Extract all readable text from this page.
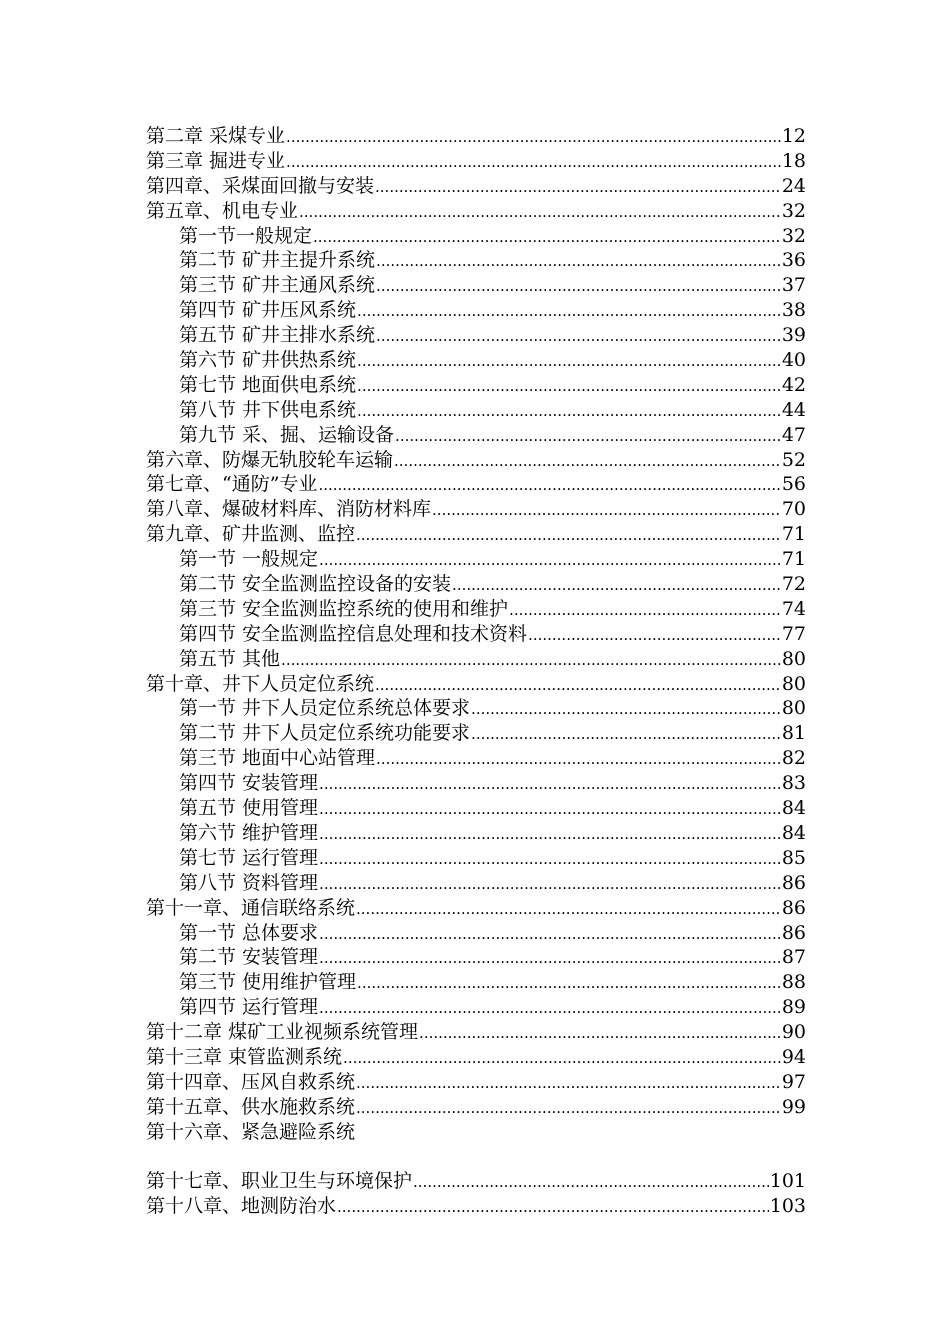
第二章 采煤专业 .....	12
第三章 掘进专业 .....	18
第四章、采煤面回撤与安装 .....	24
第五章、机电专业 .....	32
第一节一般规定 .....	32
第二节 矿井主提升系统 .....	36
第三节 矿井主通风系统 .....	37
第四节 矿井压风系统 .....	38
第五节 矿井主排水系统 .....	39
第六节 矿井供热系统 .....	40
第七节 地面供电系统 .....	42
第八节 井下供电系统 .....	44
第九节 采、掘、运输设备 .....	47
第六章、防爆无轨胶轮车运输 .....	52
第七章、“通防”专业 .....	56
第八章、爆破材料库、消防材料库 .....	70
第九章、矿井监测、监控 .....	71
第一节 一般规定 .....	71
第二节 安全监测监控设备的安装 .....	72
第三节 安全监测监控系统的使用和维护 .....	74
第四节 安全监测监控信息处理和技术资料 .....	77
第五节 其他 .....	80
第十章、井下人员定位系统 .....	80
第一节 井下人员定位系统总体要求 .....	80
第二节 井下人员定位系统功能要求 .....	81
第三节 地面中心站管理 .....	82
第四节 安装管理 .....	83
第五节 使用管理 .....	84
第六节 维护管理 .....	84
第七节 运行管理 .....	85
第八节 资料管理 .....	86
第十一章、通信联络系统 .....	86
第一节 总体要求 .....	86
第二节 安装管理 .....	87
第三节 使用维护管理 .....	88
第四节 运行管理 .....	89
第十二章 煤矿工业视频系统管理 .....	90
第十三章 束管监测系统 .....	94
第十四章、压风自救系统 .....	97
第十五章、供水施救系统 .....	99
第十六章、紧急避险系统
第十七章、职业卫生与环境保护 .....	101
第十八章、地测防治水 .....	103
